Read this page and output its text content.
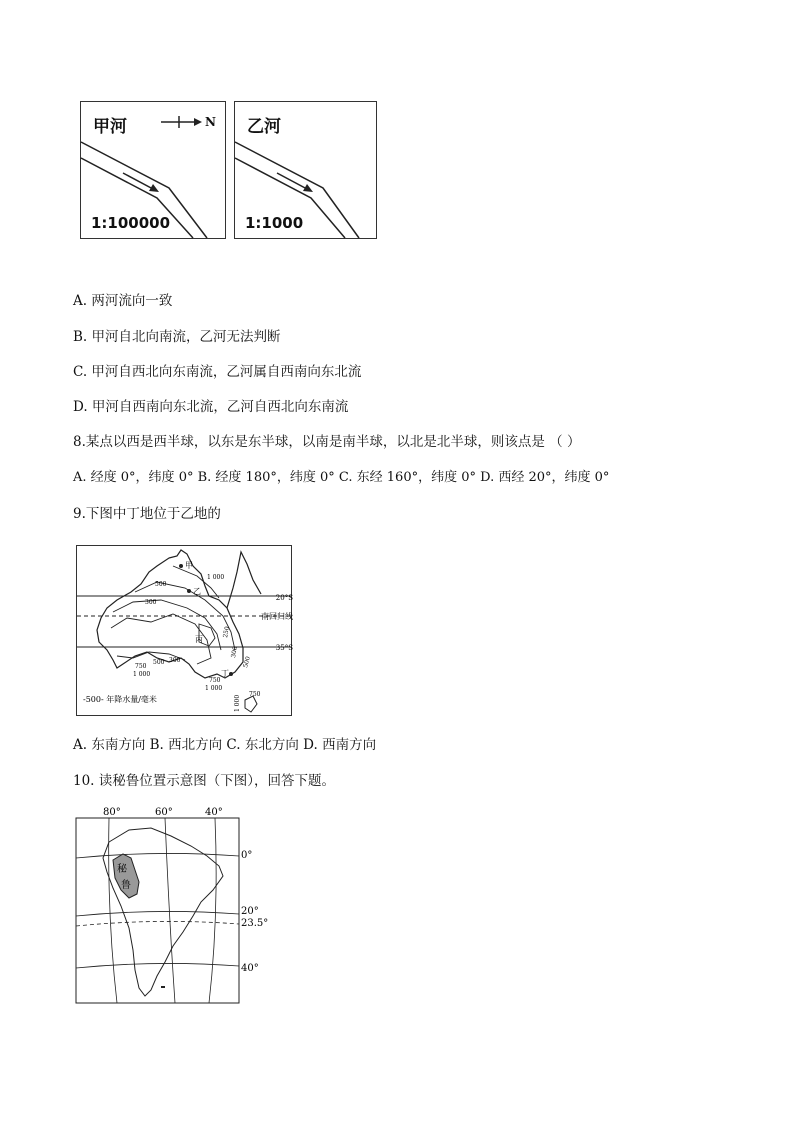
甲河	N
1:100000
乙河
1:1000
A. 两河流向一致
B. 甲河自北向南流，乙河无法判断
C. 甲河自西北向东南流，乙河属自西南向东北流
D. 甲河自西南向东北流，乙河自西北向东南流
8.某点以西是西半球，以东是东半球，以南是南半球，以北是北半球，则该点是 （ ）
A. 经度 0°，纬度 0° B. 经度 180°，纬度 0° C. 东经 160°，纬度 0° D. 西经 20°，纬度 0°
9.下图中丁地位于乙地的
20°S
南回归线
35°S
甲
乙
丙
丁
1 000
500
300
300
500
750
1 000
750
1 000
750
1 000
500
300
250
-500- 年降水量/毫米
A. 东南方向 B. 西北方向 C. 东北方向 D. 西南方向
10. 读秘鲁位置示意图（下图），回答下题。
80°	60°	40°
0°
20°
23.5°
40°
秘
鲁
